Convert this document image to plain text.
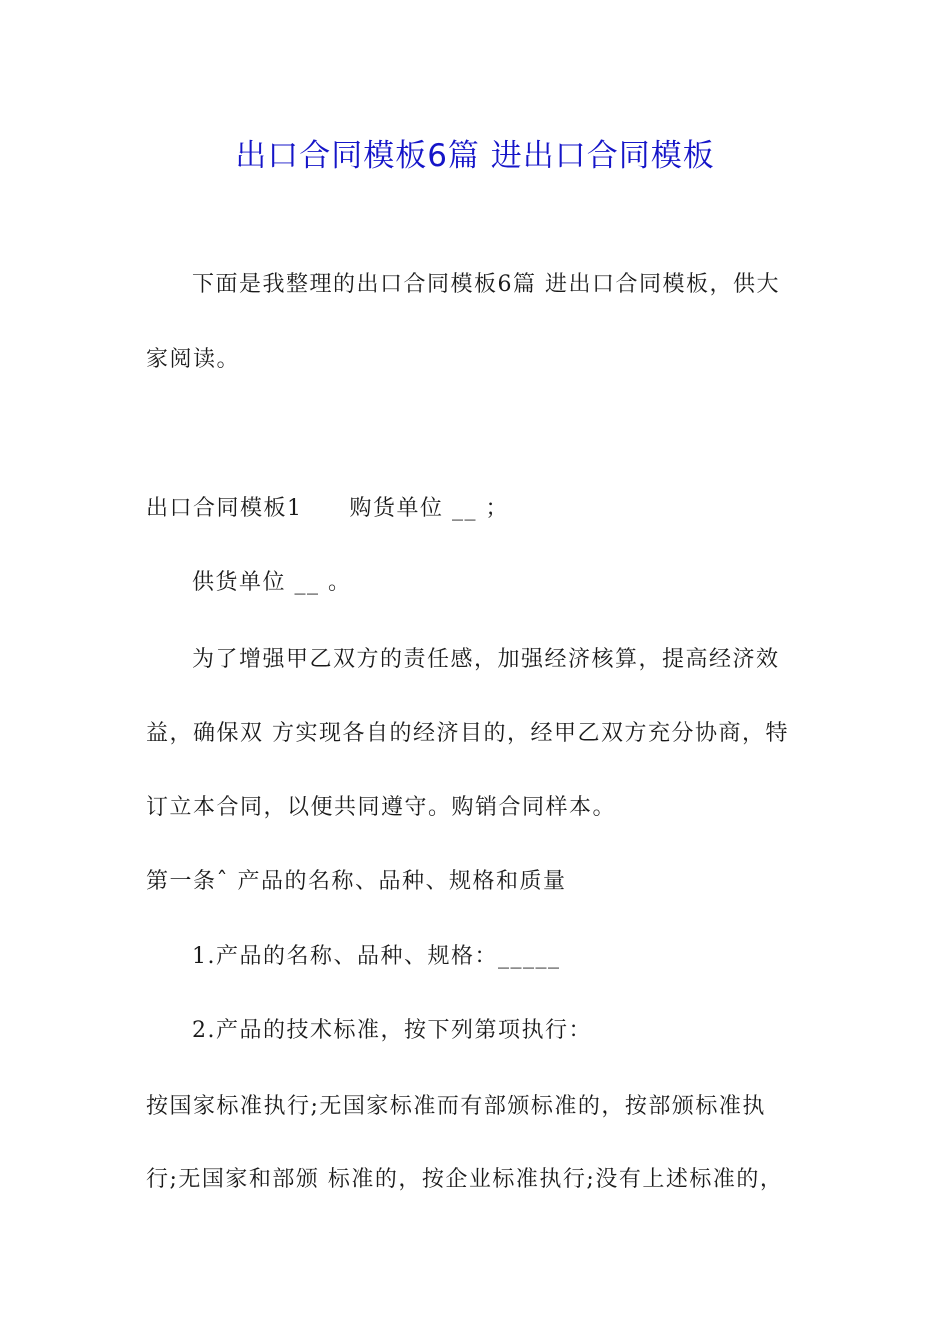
出口合同模板6篇 进出口合同模板
下面是我整理的出口合同模板6篇 进出口合同模板，供大
家阅读。
出口合同模板1　　购货单位 __ ；
供货单位 __ 。
为了增强甲乙双方的责任感，加强经济核算，提高经济效
益，确保双 方实现各自的经济目的，经甲乙双方充分协商，特
订立本合同，以便共同遵守。购销合同样本。
第一条ˆ 产品的名称、品种、规格和质量
1.产品的名称、品种、规格：_____
2.产品的技术标准，按下列第项执行：
按国家标准执行;无国家标准而有部颁标准的，按部颁标准执
行;无国家和部颁 标准的，按企业标准执行;没有上述标准的，
